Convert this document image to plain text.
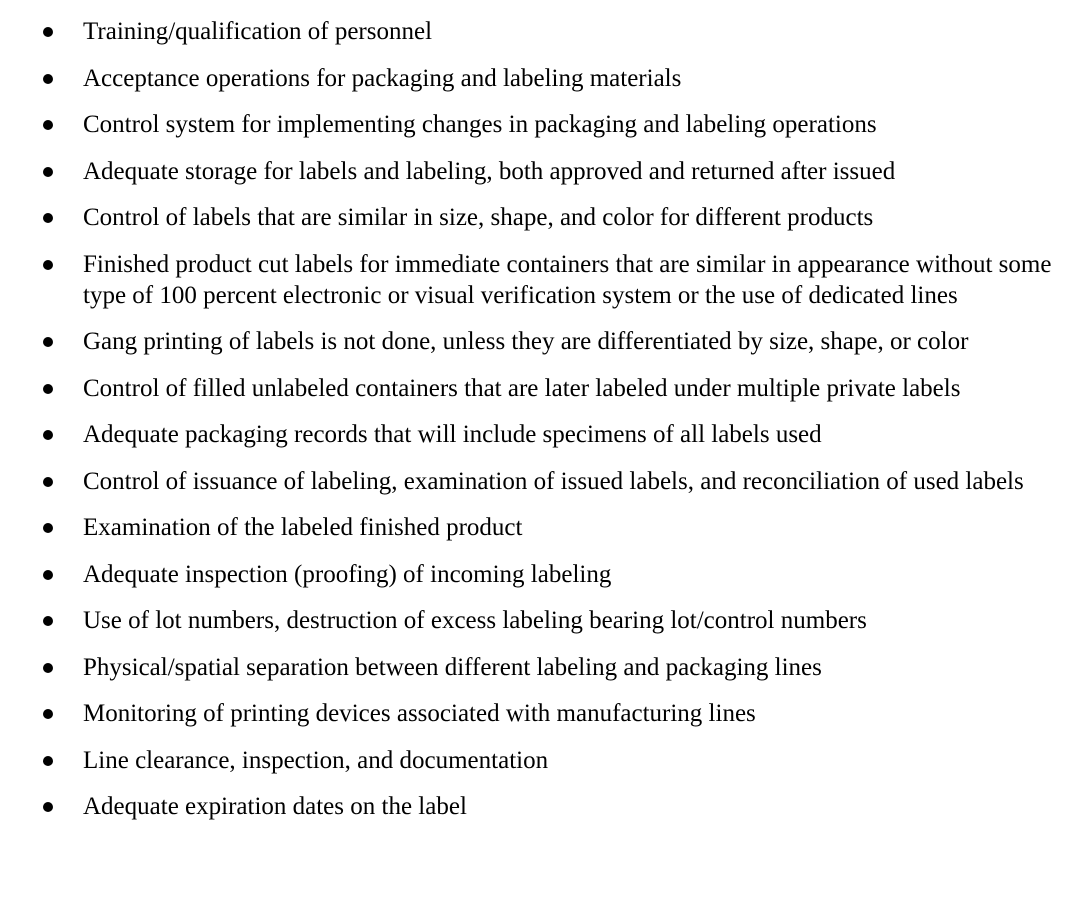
Training/qualification of personnel
Acceptance operations for packaging and labeling materials
Control system for implementing changes in packaging and labeling operations
Adequate storage for labels and labeling, both approved and returned after issued
Control of labels that are similar in size, shape, and color for different products
Finished product cut labels for immediate containers that are similar in appearance without some type of 100 percent electronic or visual verification system or the use of dedicated lines
Gang printing of labels is not done, unless they are differentiated by size, shape, or color
Control of filled unlabeled containers that are later labeled under multiple private labels
Adequate packaging records that will include specimens of all labels used
Control of issuance of labeling, examination of issued labels, and reconciliation of used labels
Examination of the labeled finished product
Adequate inspection (proofing) of incoming labeling
Use of lot numbers, destruction of excess labeling bearing lot/control numbers
Physical/spatial separation between different labeling and packaging lines
Monitoring of printing devices associated with manufacturing lines
Line clearance, inspection, and documentation
Adequate expiration dates on the label
